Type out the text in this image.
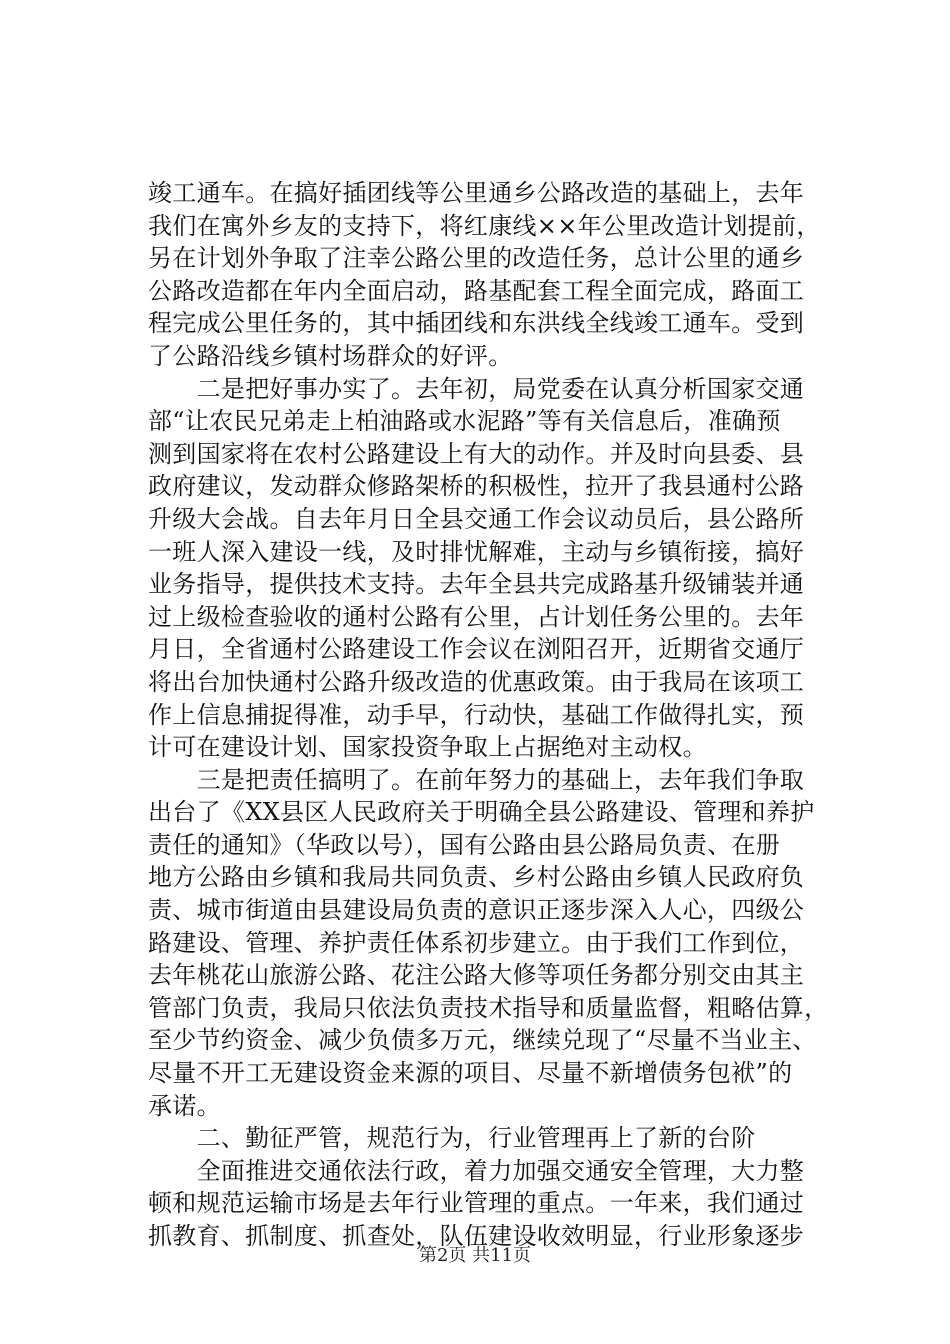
竣工通车。在搞好插团线等公里通乡公路改造的基础上，去年
我们在寓外乡友的支持下，将红康线××年公里改造计划提前，
另在计划外争取了注幸公路公里的改造任务，总计公里的通乡
公路改造都在年内全面启动，路基配套工程全面完成，路面工
程完成公里任务的，其中插团线和东洪线全线竣工通车。受到
了公路沿线乡镇村场群众的好评。
　　二是把好事办实了。去年初，局党委在认真分析国家交通
部“让农民兄弟走上柏油路或水泥路”等有关信息后，准确预
测到国家将在农村公路建设上有大的动作。并及时向县委、县
政府建议，发动群众修路架桥的积极性，拉开了我县通村公路
升级大会战。自去年月日全县交通工作会议动员后，县公路所
一班人深入建设一线，及时排忧解难，主动与乡镇衔接，搞好
业务指导，提供技术支持。去年全县共完成路基升级铺装并通
过上级检查验收的通村公路有公里，占计划任务公里的。去年
月日，全省通村公路建设工作会议在浏阳召开，近期省交通厅
将出台加快通村公路升级改造的优惠政策。由于我局在该项工
作上信息捕捉得准，动手早，行动快，基础工作做得扎实，预
计可在建设计划、国家投资争取上占据绝对主动权。
　　三是把责任搞明了。在前年努力的基础上，去年我们争取
出台了《XX县区人民政府关于明确全县公路建设、管理和养护
责任的通知》（华政以号），国有公路由县公路局负责、在册
地方公路由乡镇和我局共同负责、乡村公路由乡镇人民政府负
责、城市街道由县建设局负责的意识正逐步深入人心，四级公
路建设、管理、养护责任体系初步建立。由于我们工作到位，
去年桃花山旅游公路、花注公路大修等项任务都分别交由其主
管部门负责，我局只依法负责技术指导和质量监督，粗略估算，
至少节约资金、减少负债多万元，继续兑现了“尽量不当业主、
尽量不开工无建设资金来源的项目、尽量不新增债务包袱”的
承诺。
　　二、勤征严管，规范行为，行业管理再上了新的台阶
　　全面推进交通依法行政，着力加强交通安全管理，大力整
顿和规范运输市场是去年行业管理的重点。一年来，我们通过
抓教育、抓制度、抓查处，队伍建设收效明显，行业形象逐步
第2页 共11页
